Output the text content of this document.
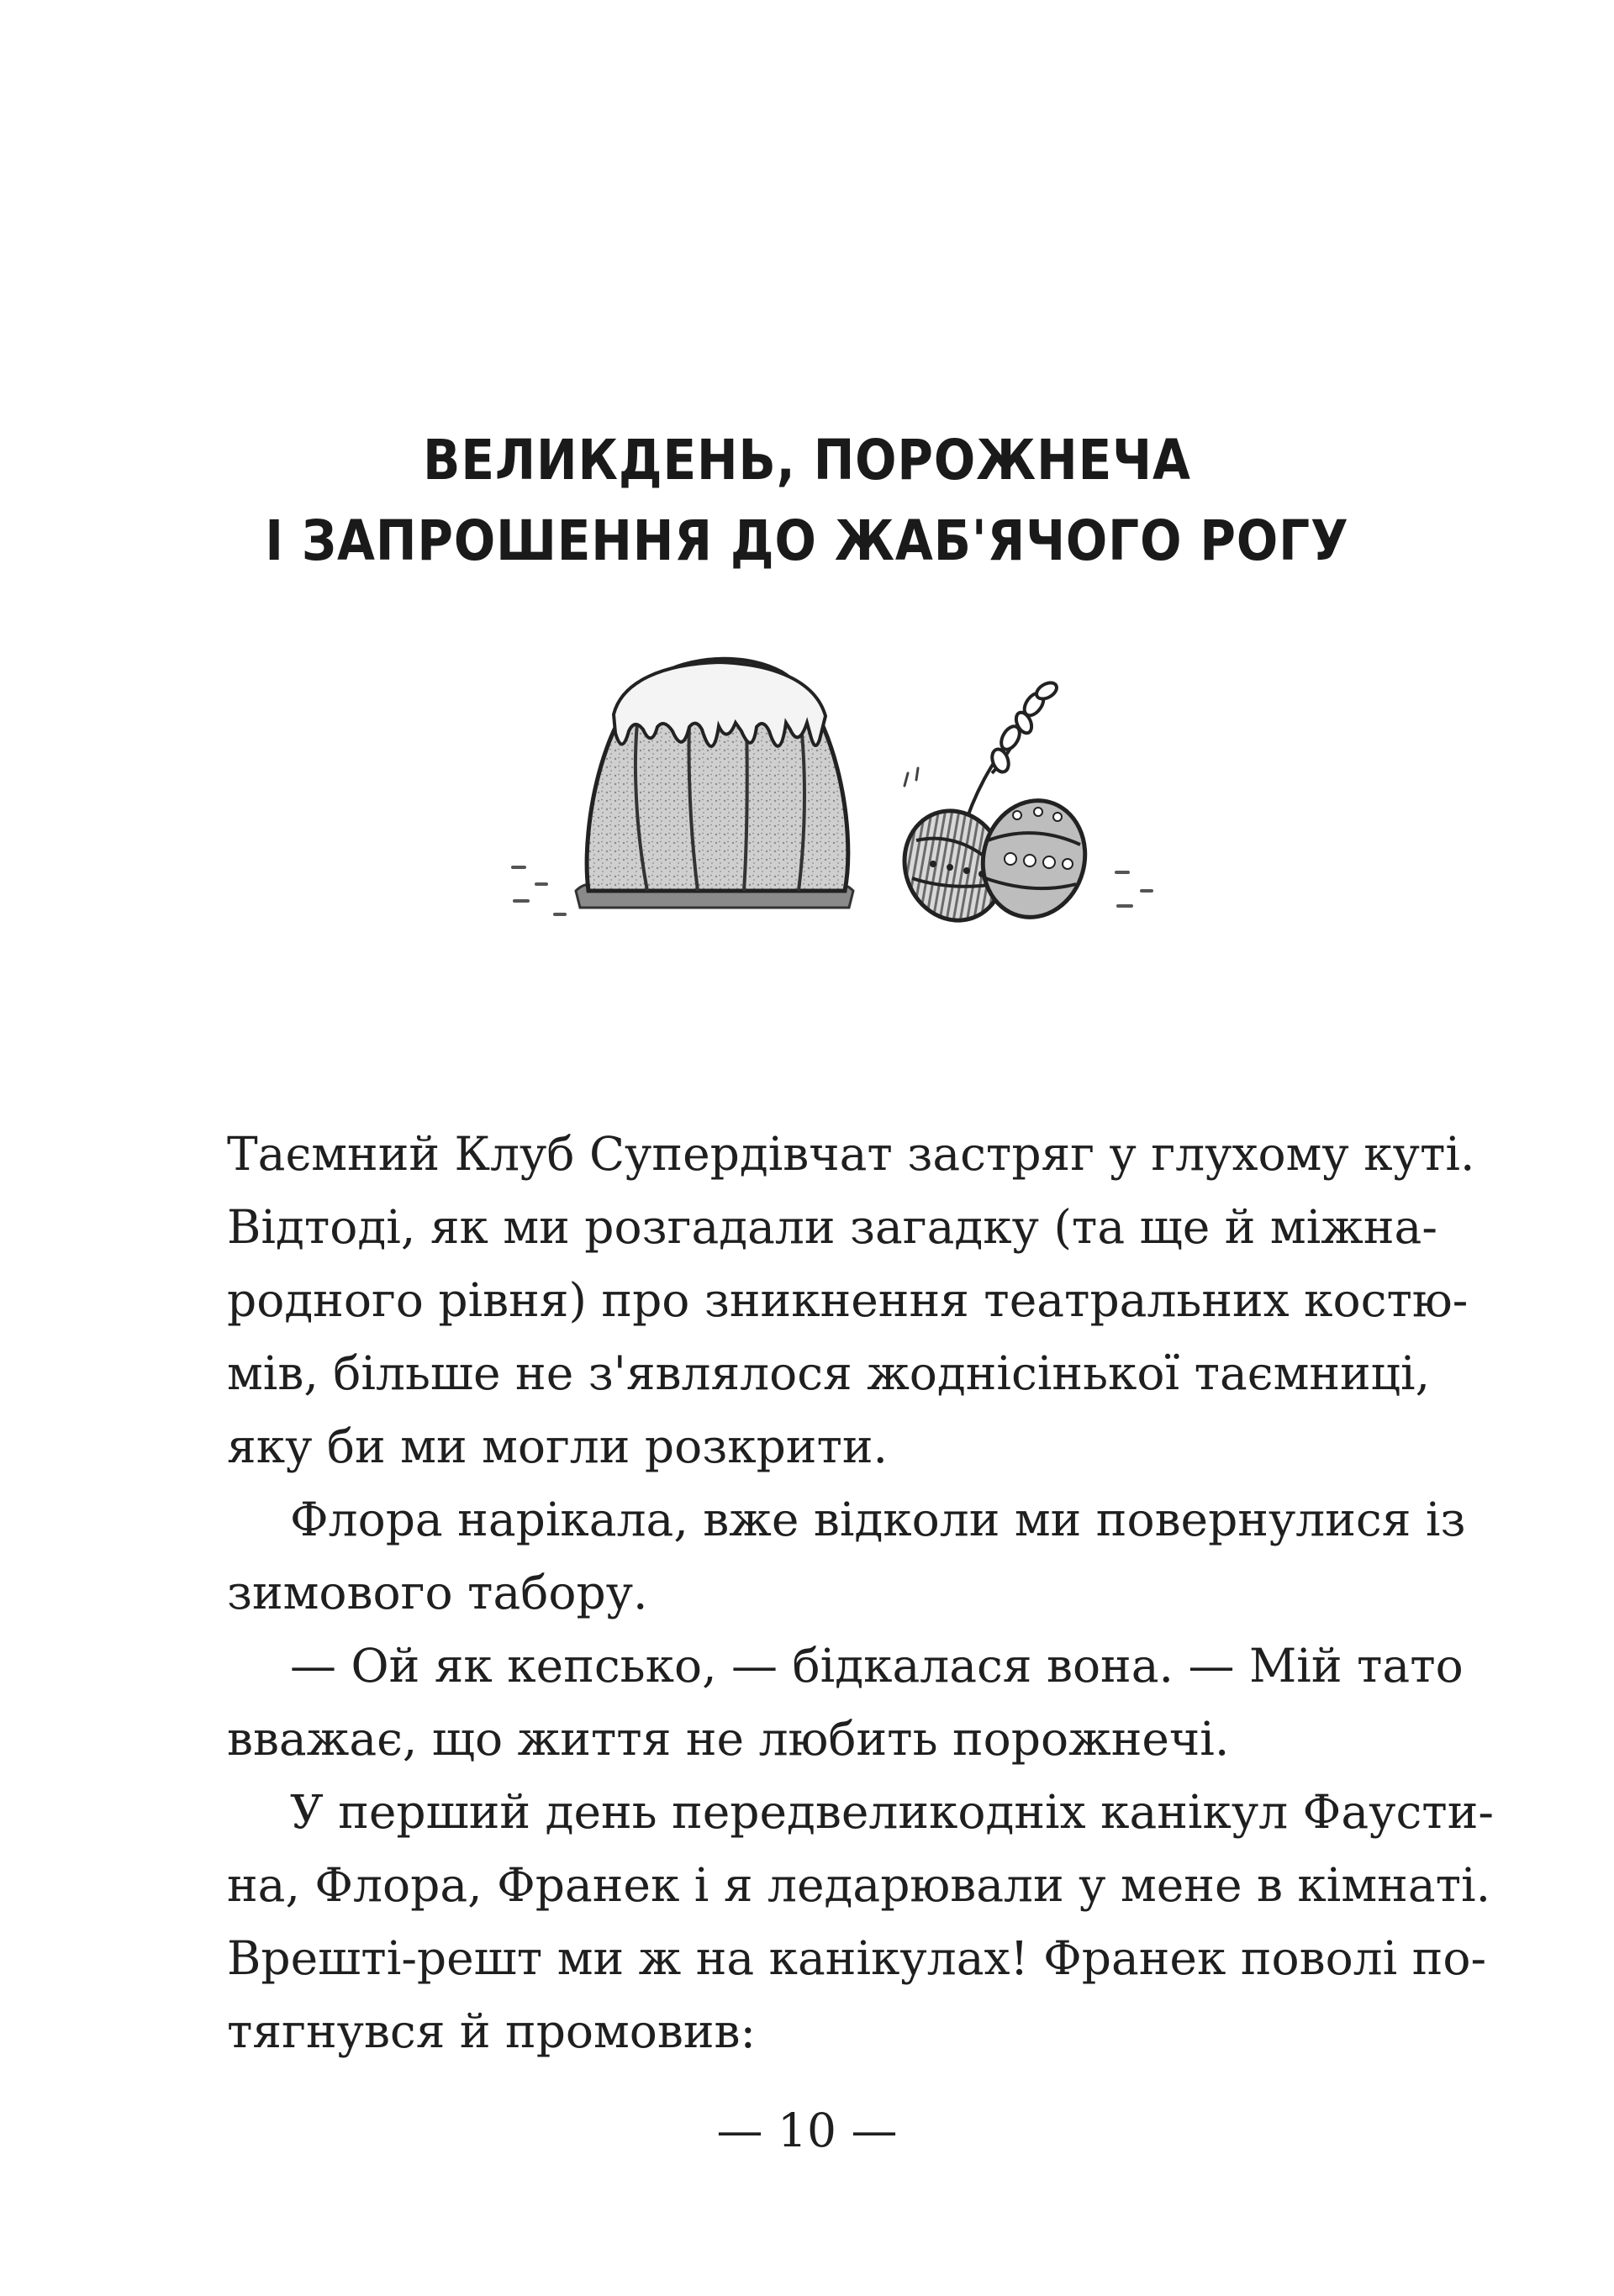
ВЕЛИКДЕНЬ, ПОРОЖНЕЧА
І ЗАПРОШЕННЯ ДО ЖАБ'ЯЧОГО РОГУ
Таємний Клуб Супердівчат застряг у глухому куті.
Відтоді, як ми розгадали загадку (та ще й міжна-
родного рівня) про зникнення театральних костю-
мів, більше не з'являлося жоднісінької таємниці,
яку би ми могли розкрити.
Флора нарікала, вже відколи ми повернулися із
зимового табору.
— Ой як кепсько, — бідкалася вона. — Мій тато
вважає, що життя не любить порожнечі.
У перший день передвеликодніх канікул Фаусти-
на, Флора, Франек і я ледарювали у мене в кімнаті.
Врешті-решт ми ж на канікулах! Франек поволі по-
тягнувся й промовив:
— 10 —
